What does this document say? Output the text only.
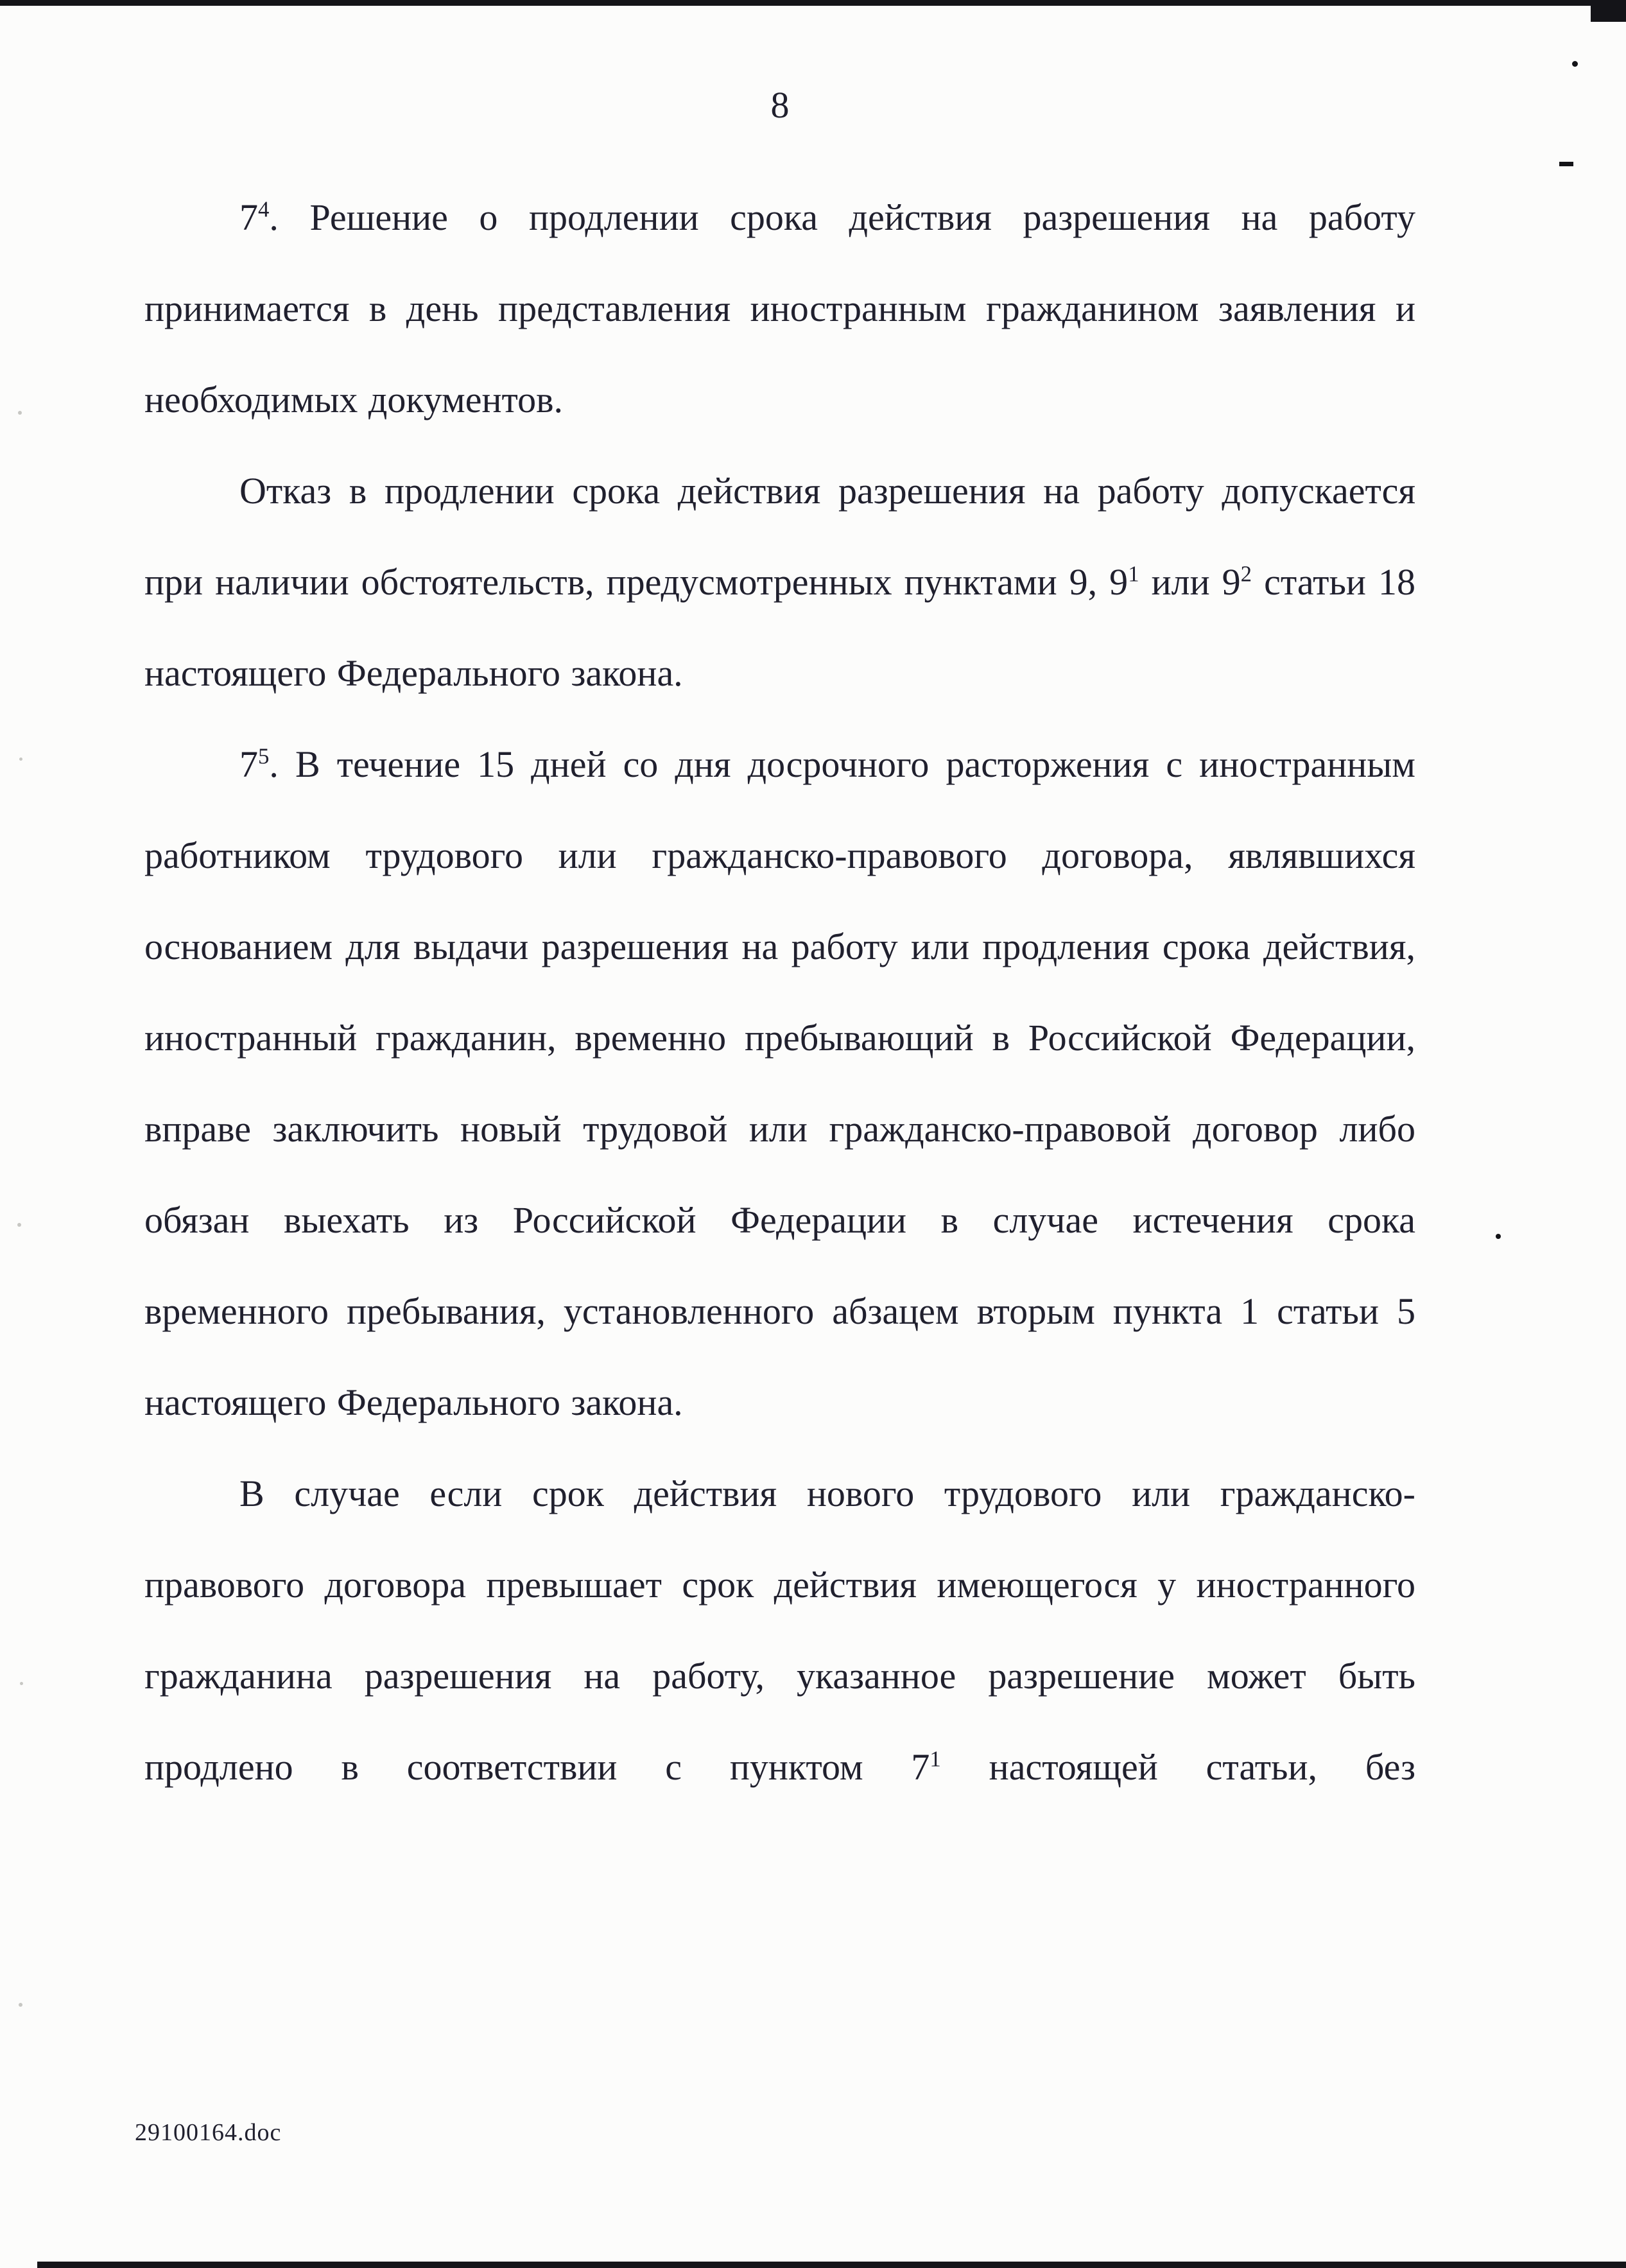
8

$7^4$. Решение о продлении срока действия разрешения на работу принимается в день представления иностранным гражданином заявления и необходимых документов.

Отказ в продлении срока действия разрешения на работу допускается при наличии обстоятельств, предусмотренных пунктами 9, $9^1$ или $9^2$ статьи 18 настоящего Федерального закона.

$7^5$. В течение 15 дней со дня досрочного расторжения с иностранным работником трудового или гражданско-правового договора, являвшихся основанием для выдачи разрешения на работу или продления срока действия, иностранный гражданин, временно пребывающий в Российской Федерации, вправе заключить новый трудовой или гражданско-правовой договор либо обязан выехать из Российской Федерации в случае истечения срока временного пребывания, установленного абзацем вторым пункта 1 статьи 5 настоящего Федерального закона.

В случае если срок действия нового трудового или гражданско-правового договора превышает срок действия имеющегося у иностранного гражданина разрешения на работу, указанное разрешение может быть продлено в соответствии с пунктом $7^1$ настоящей статьи, без

29100164.doc
